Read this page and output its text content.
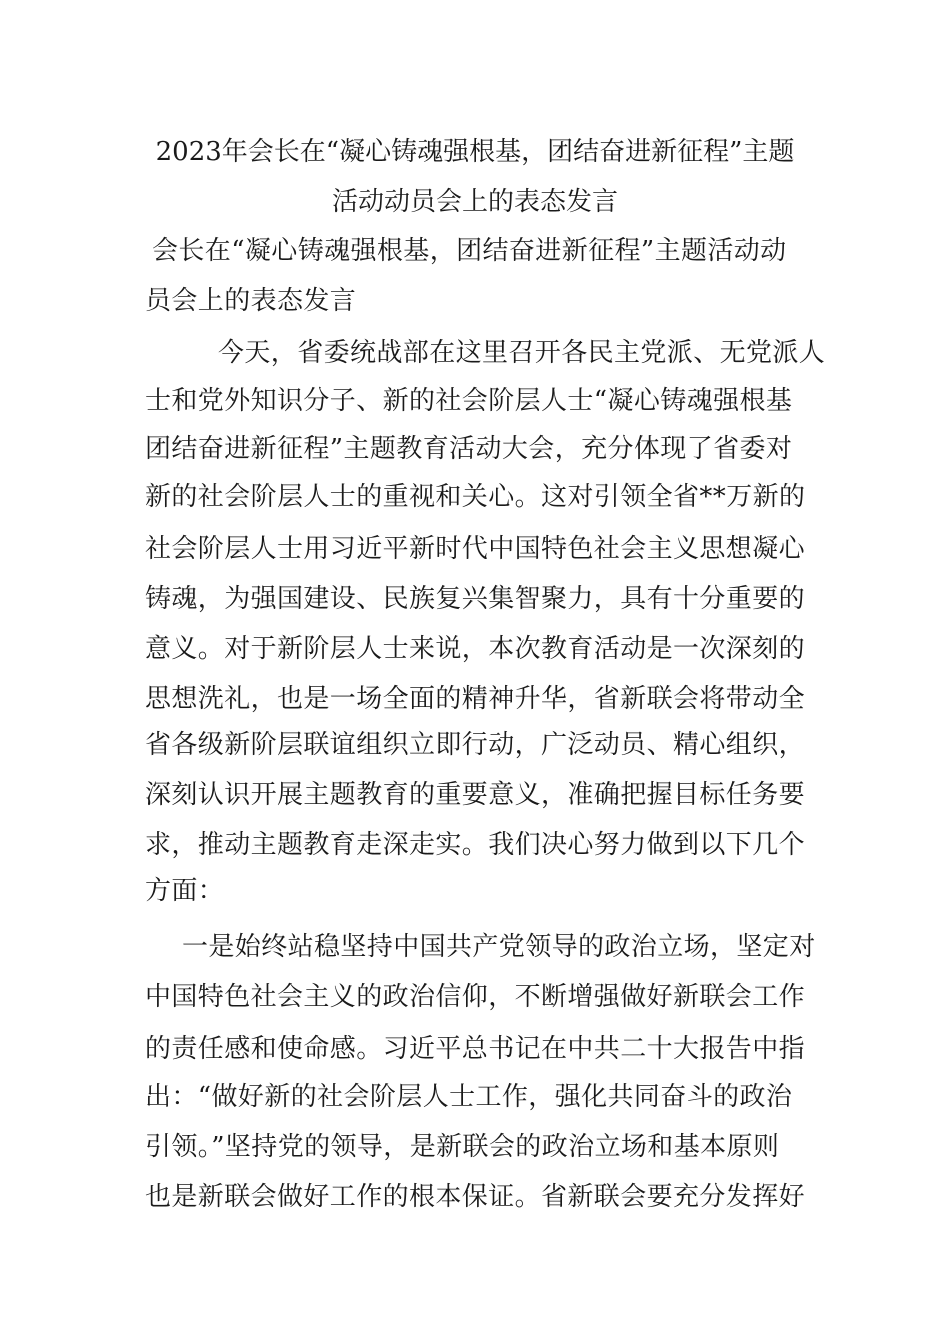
2023年会长在“凝心铸魂强根基，团结奋进新征程”主题
活动动员会上的表态发言
会长在“凝心铸魂强根基，团结奋进新征程”主题活动动
员会上的表态发言
今天，省委统战部在这里召开各民主党派、无党派人
士和党外知识分子、新的社会阶层人士“凝心铸魂强根基
团结奋进新征程”主题教育活动大会，充分体现了省委对
新的社会阶层人士的重视和关心。这对引领全省**万新的
社会阶层人士用习近平新时代中国特色社会主义思想凝心
铸魂，为强国建设、民族复兴集智聚力，具有十分重要的
意义。对于新阶层人士来说，本次教育活动是一次深刻的
思想洗礼，也是一场全面的精神升华，省新联会将带动全
省各级新阶层联谊组织立即行动，广泛动员、精心组织，
深刻认识开展主题教育的重要意义，准确把握目标任务要
求，推动主题教育走深走实。我们决心努力做到以下几个
方面：
一是始终站稳坚持中国共产党领导的政治立场，坚定对
中国特色社会主义的政治信仰，不断增强做好新联会工作
的责任感和使命感。习近平总书记在中共二十大报告中指
出：“做好新的社会阶层人士工作，强化共同奋斗的政治
引领。”坚持党的领导，是新联会的政治立场和基本原则
也是新联会做好工作的根本保证。省新联会要充分发挥好
